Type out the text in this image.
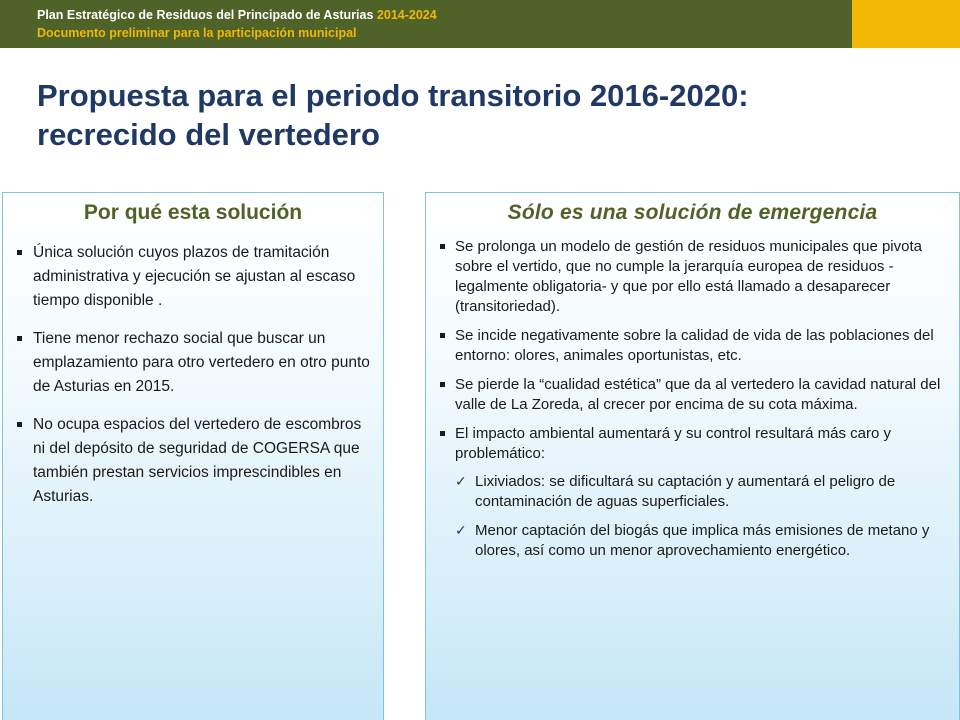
Plan Estratégico de Residuos del Principado de Asturias 2014-2024
Documento preliminar para la participación municipal
Propuesta para el periodo transitorio 2016-2020: recrecido del vertedero
Por qué esta solución
Única solución cuyos plazos de tramitación administrativa y ejecución se ajustan al escaso tiempo disponible .
Tiene menor rechazo social que buscar un emplazamiento para otro vertedero en otro punto de Asturias en 2015.
No ocupa espacios del vertedero de escombros ni del depósito de seguridad de COGERSA que también prestan servicios imprescindibles en Asturias.
Sólo es una solución de emergencia
Se prolonga un modelo de gestión de residuos municipales que pivota sobre el vertido, que no cumple la jerarquía europea de residuos -legalmente obligatoria- y que por ello está llamado a desaparecer (transitoriedad).
Se incide negativamente sobre la calidad de vida de las poblaciones del entorno: olores, animales oportunistas, etc.
Se pierde la “cualidad estética” que da al vertedero la cavidad natural del valle de La Zoreda, al crecer por encima de su cota máxima.
El impacto ambiental aumentará y su control resultará más caro y problemático:
✓ Lixiviados: se dificultará su captación y aumentará el peligro de contaminación de aguas superficiales.
✓ Menor captación del biogás que implica más emisiones de metano y olores, así como un menor aprovechamiento energético.
